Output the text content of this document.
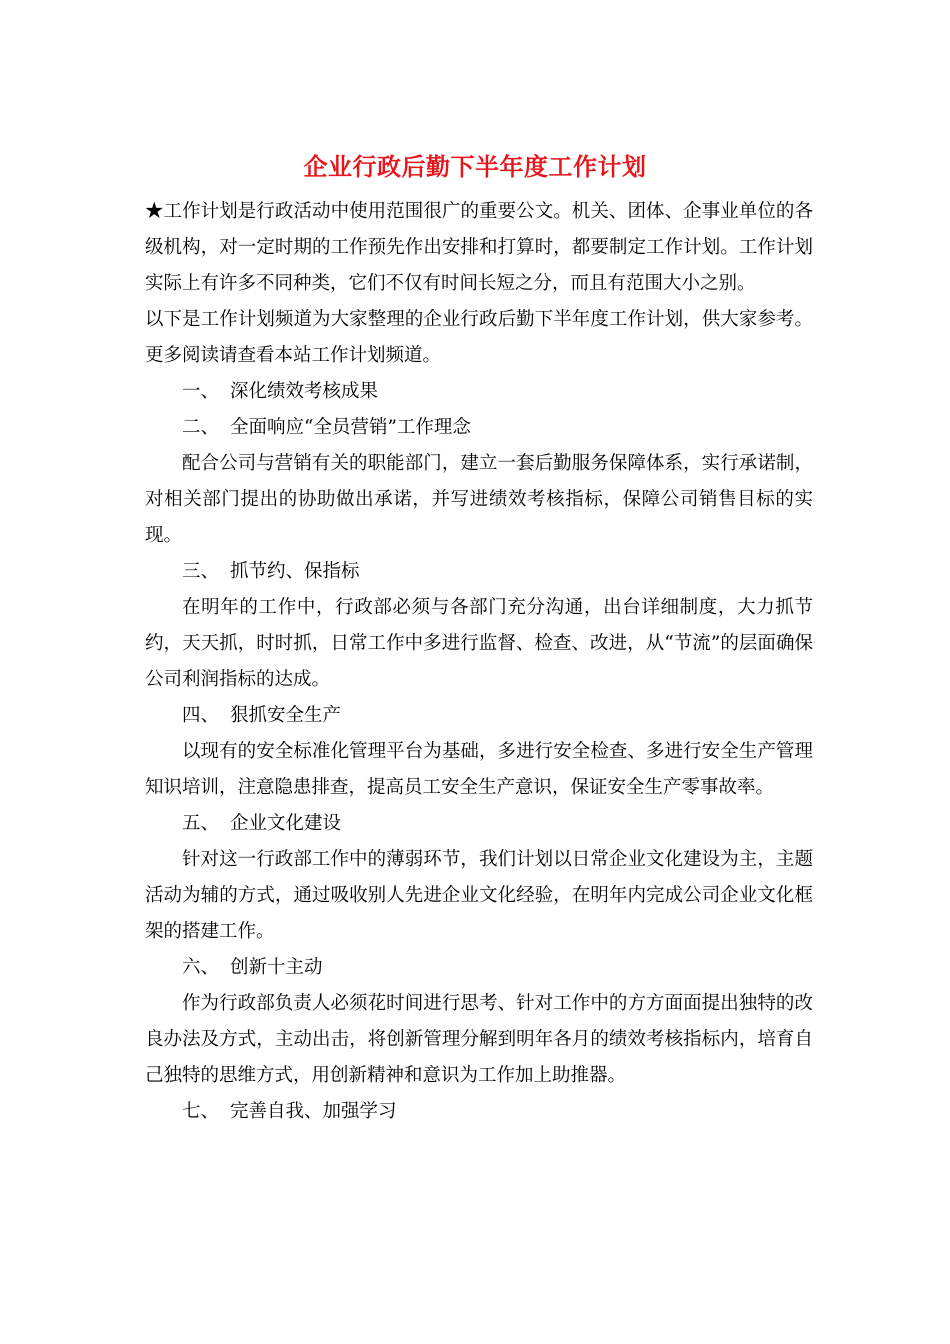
企业行政后勤下半年度工作计划

★工作计划是行政活动中使用范围很广的重要公文。机关、团体、企事业单位的各级机构，对一定时期的工作预先作出安排和打算时，都要制定工作计划。工作计划实际上有许多不同种类，它们不仅有时间长短之分，而且有范围大小之别。

以下是工作计划频道为大家整理的企业行政后勤下半年度工作计划，供大家参考。更多阅读请查看本站工作计划频道。

一、 深化绩效考核成果

二、 全面响应“全员营销”工作理念

配合公司与营销有关的职能部门，建立一套后勤服务保障体系，实行承诺制，对相关部门提出的协助做出承诺，并写进绩效考核指标，保障公司销售目标的实现。

三、 抓节约、保指标

在明年的工作中，行政部必须与各部门充分沟通，出台详细制度，大力抓节约，天天抓，时时抓，日常工作中多进行监督、检查、改进，从“节流”的层面确保公司利润指标的达成。

四、 狠抓安全生产

以现有的安全标准化管理平台为基础，多进行安全检查、多进行安全生产管理知识培训，注意隐患排查，提高员工安全生产意识，保证安全生产零事故率。

五、 企业文化建设

针对这一行政部工作中的薄弱环节，我们计划以日常企业文化建设为主，主题活动为辅的方式，通过吸收别人先进企业文化经验，在明年内完成公司企业文化框架的搭建工作。

六、 创新十主动

作为行政部负责人必须花时间进行思考、针对工作中的方方面面提出独特的改良办法及方式，主动出击，将创新管理分解到明年各月的绩效考核指标内，培育自己独特的思维方式，用创新精神和意识为工作加上助推器。

七、 完善自我、加强学习
